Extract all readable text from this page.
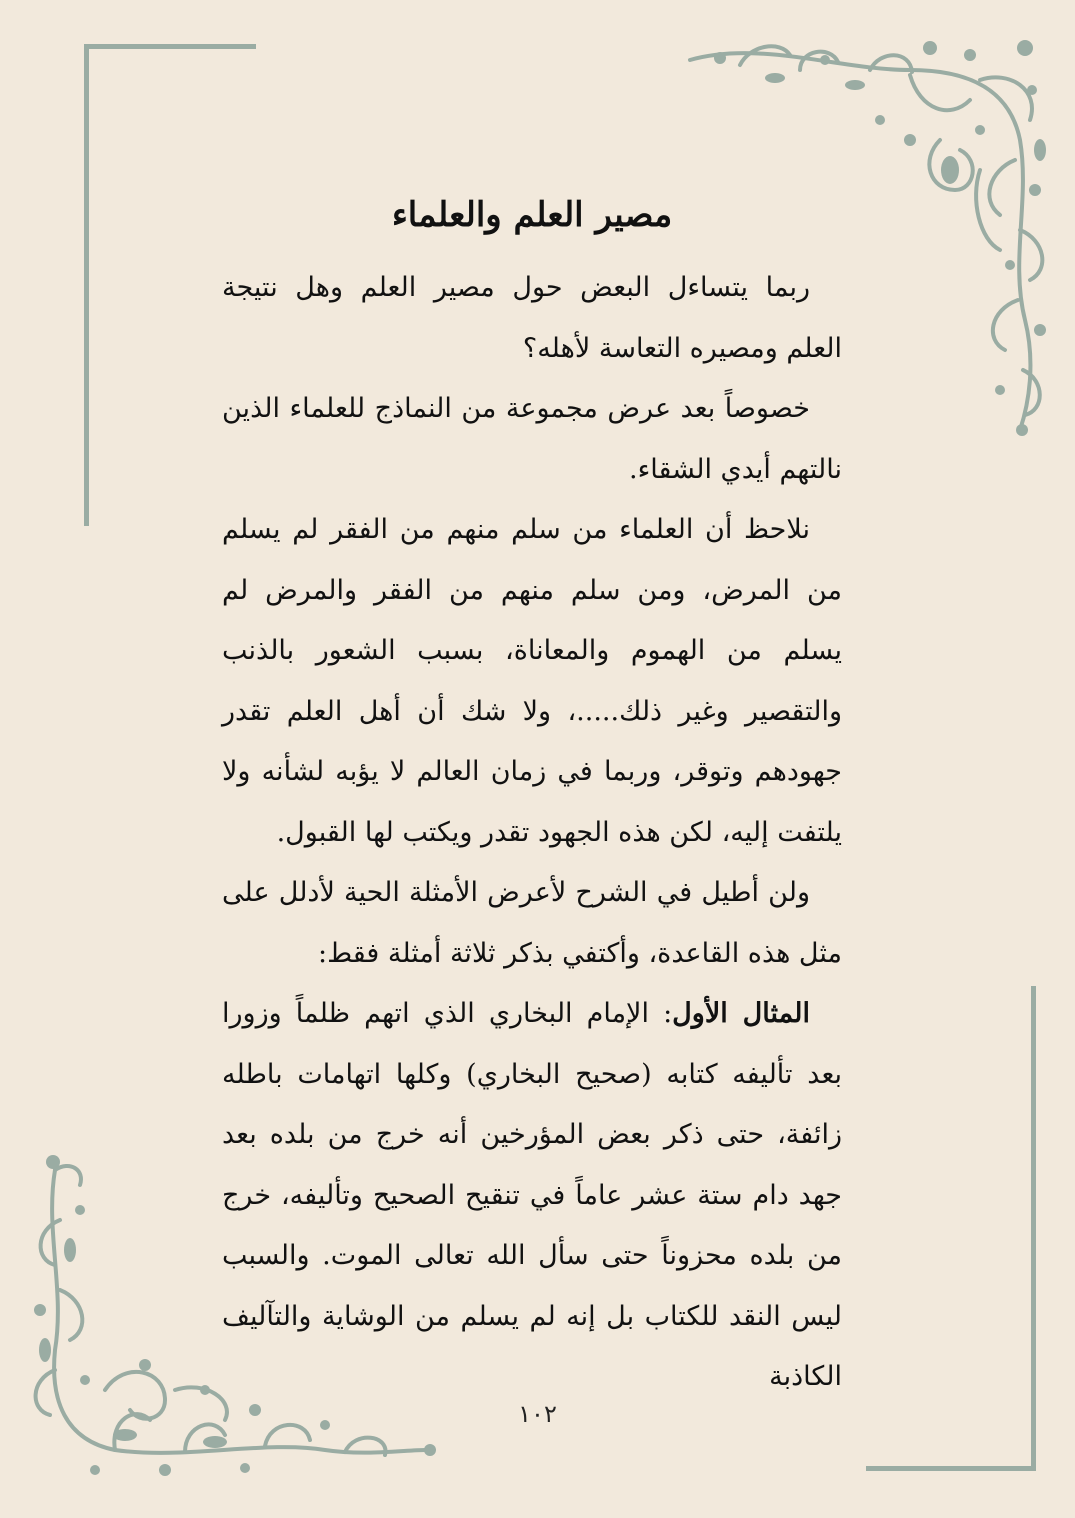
مصير العلم والعلماء

ربما يتساءل البعض حول مصير العلم وهل نتيجة العلم ومصيره التعاسة لأهله؟

خصوصاً بعد عرض مجموعة من النماذج للعلماء الذين نالتهم أيدي الشقاء.

نلاحظ أن العلماء من سلم منهم من الفقر لم يسلم من المرض، ومن سلم منهم من الفقر والمرض لم يسلم من الهموم والمعاناة، بسبب الشعور بالذنب والتقصير وغير ذلك.....، ولا شك أن أهل العلم تقدر جهودهم وتوقر، وربما في زمان العالم لا يؤبه لشأنه ولا يلتفت إليه، لكن هذه الجهود تقدر ويكتب لها القبول.

ولن أطيل في الشرح لأعرض الأمثلة الحية لأدلل على مثل هذه القاعدة، وأكتفي بذكر ثلاثة أمثلة فقط:

المثال الأول: الإمام البخاري الذي اتهم ظلماً وزورا بعد تأليفه كتابه (صحيح البخاري) وكلها اتهامات باطله زائفة، حتى ذكر بعض المؤرخين أنه خرج من بلده بعد جهد دام ستة عشر عاماً في تنقيح الصحيح وتأليفه، خرج من بلده محزوناً حتى سأل الله تعالى الموت. والسبب ليس النقد للكتاب بل إنه لم يسلم من الوشاية والتآليف الكاذبة

١٠٢
